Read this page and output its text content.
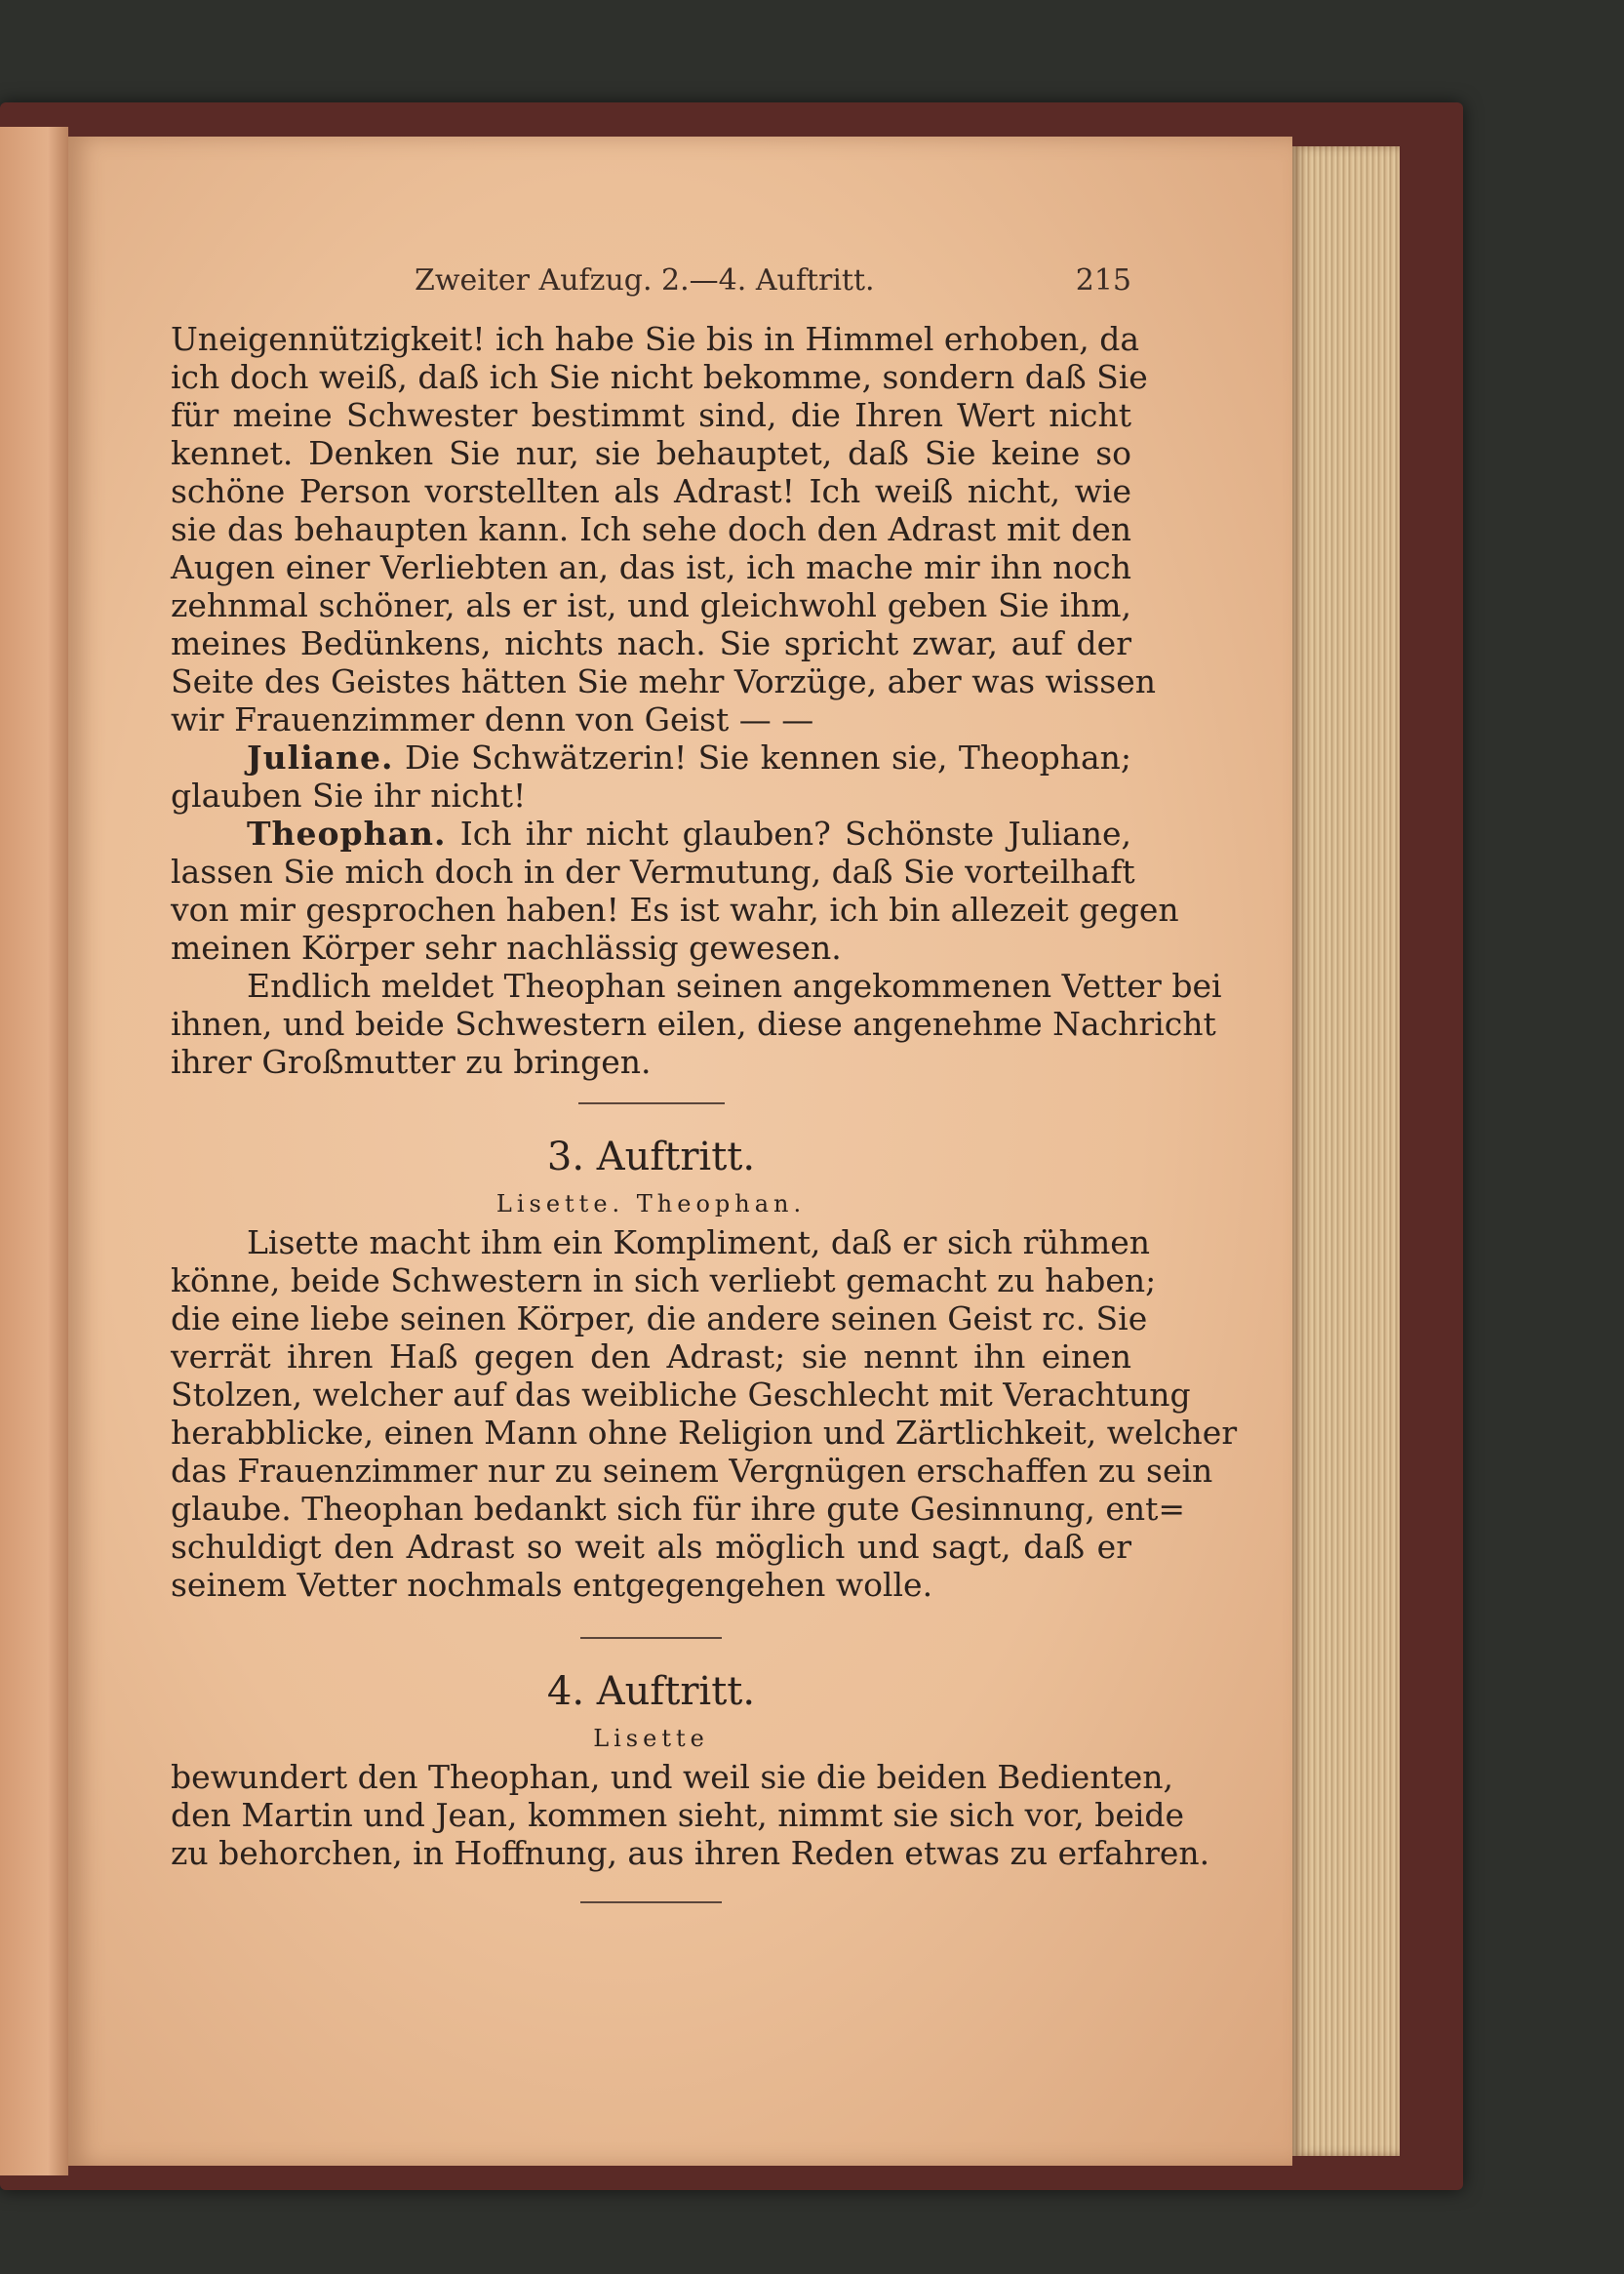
Zweiter Aufzug. 2.—4. Auftritt.	215
Uneigennützigkeit! ich habe Sie bis in Himmel erhoben, da
ich doch weiß, daß ich Sie nicht bekomme, sondern daß Sie
für meine Schwester bestimmt sind, die Ihren Wert nicht
kennet. Denken Sie nur, sie behauptet, daß Sie keine so
schöne Person vorstellten als Adrast! Ich weiß nicht, wie
sie das behaupten kann. Ich sehe doch den Adrast mit den
Augen einer Verliebten an, das ist, ich mache mir ihn noch
zehnmal schöner, als er ist, und gleichwohl geben Sie ihm,
meines Bedünkens, nichts nach. Sie spricht zwar, auf der
Seite des Geistes hätten Sie mehr Vorzüge, aber was wissen
wir Frauenzimmer denn von Geist — —
Juliane. Die Schwätzerin! Sie kennen sie, Theophan;
glauben Sie ihr nicht!
Theophan. Ich ihr nicht glauben? Schönste Juliane,
lassen Sie mich doch in der Vermutung, daß Sie vorteilhaft
von mir gesprochen haben! Es ist wahr, ich bin allezeit gegen
meinen Körper sehr nachlässig gewesen.
Endlich meldet Theophan seinen angekommenen Vetter bei
ihnen, und beide Schwestern eilen, diese angenehme Nachricht
ihrer Großmutter zu bringen.
3. Auftritt.
Lisette. Theophan.
Lisette macht ihm ein Kompliment, daß er sich rühmen
könne, beide Schwestern in sich verliebt gemacht zu haben;
die eine liebe seinen Körper, die andere seinen Geist rc. Sie
verrät ihren Haß gegen den Adrast; sie nennt ihn einen
Stolzen, welcher auf das weibliche Geschlecht mit Verachtung
herabblicke, einen Mann ohne Religion und Zärtlichkeit, welcher
das Frauenzimmer nur zu seinem Vergnügen erschaffen zu sein
glaube. Theophan bedankt sich für ihre gute Gesinnung, ent=
schuldigt den Adrast so weit als möglich und sagt, daß er
seinem Vetter nochmals entgegengehen wolle.
4. Auftritt.
Lisette
bewundert den Theophan, und weil sie die beiden Bedienten,
den Martin und Jean, kommen sieht, nimmt sie sich vor, beide
zu behorchen, in Hoffnung, aus ihren Reden etwas zu erfahren.
